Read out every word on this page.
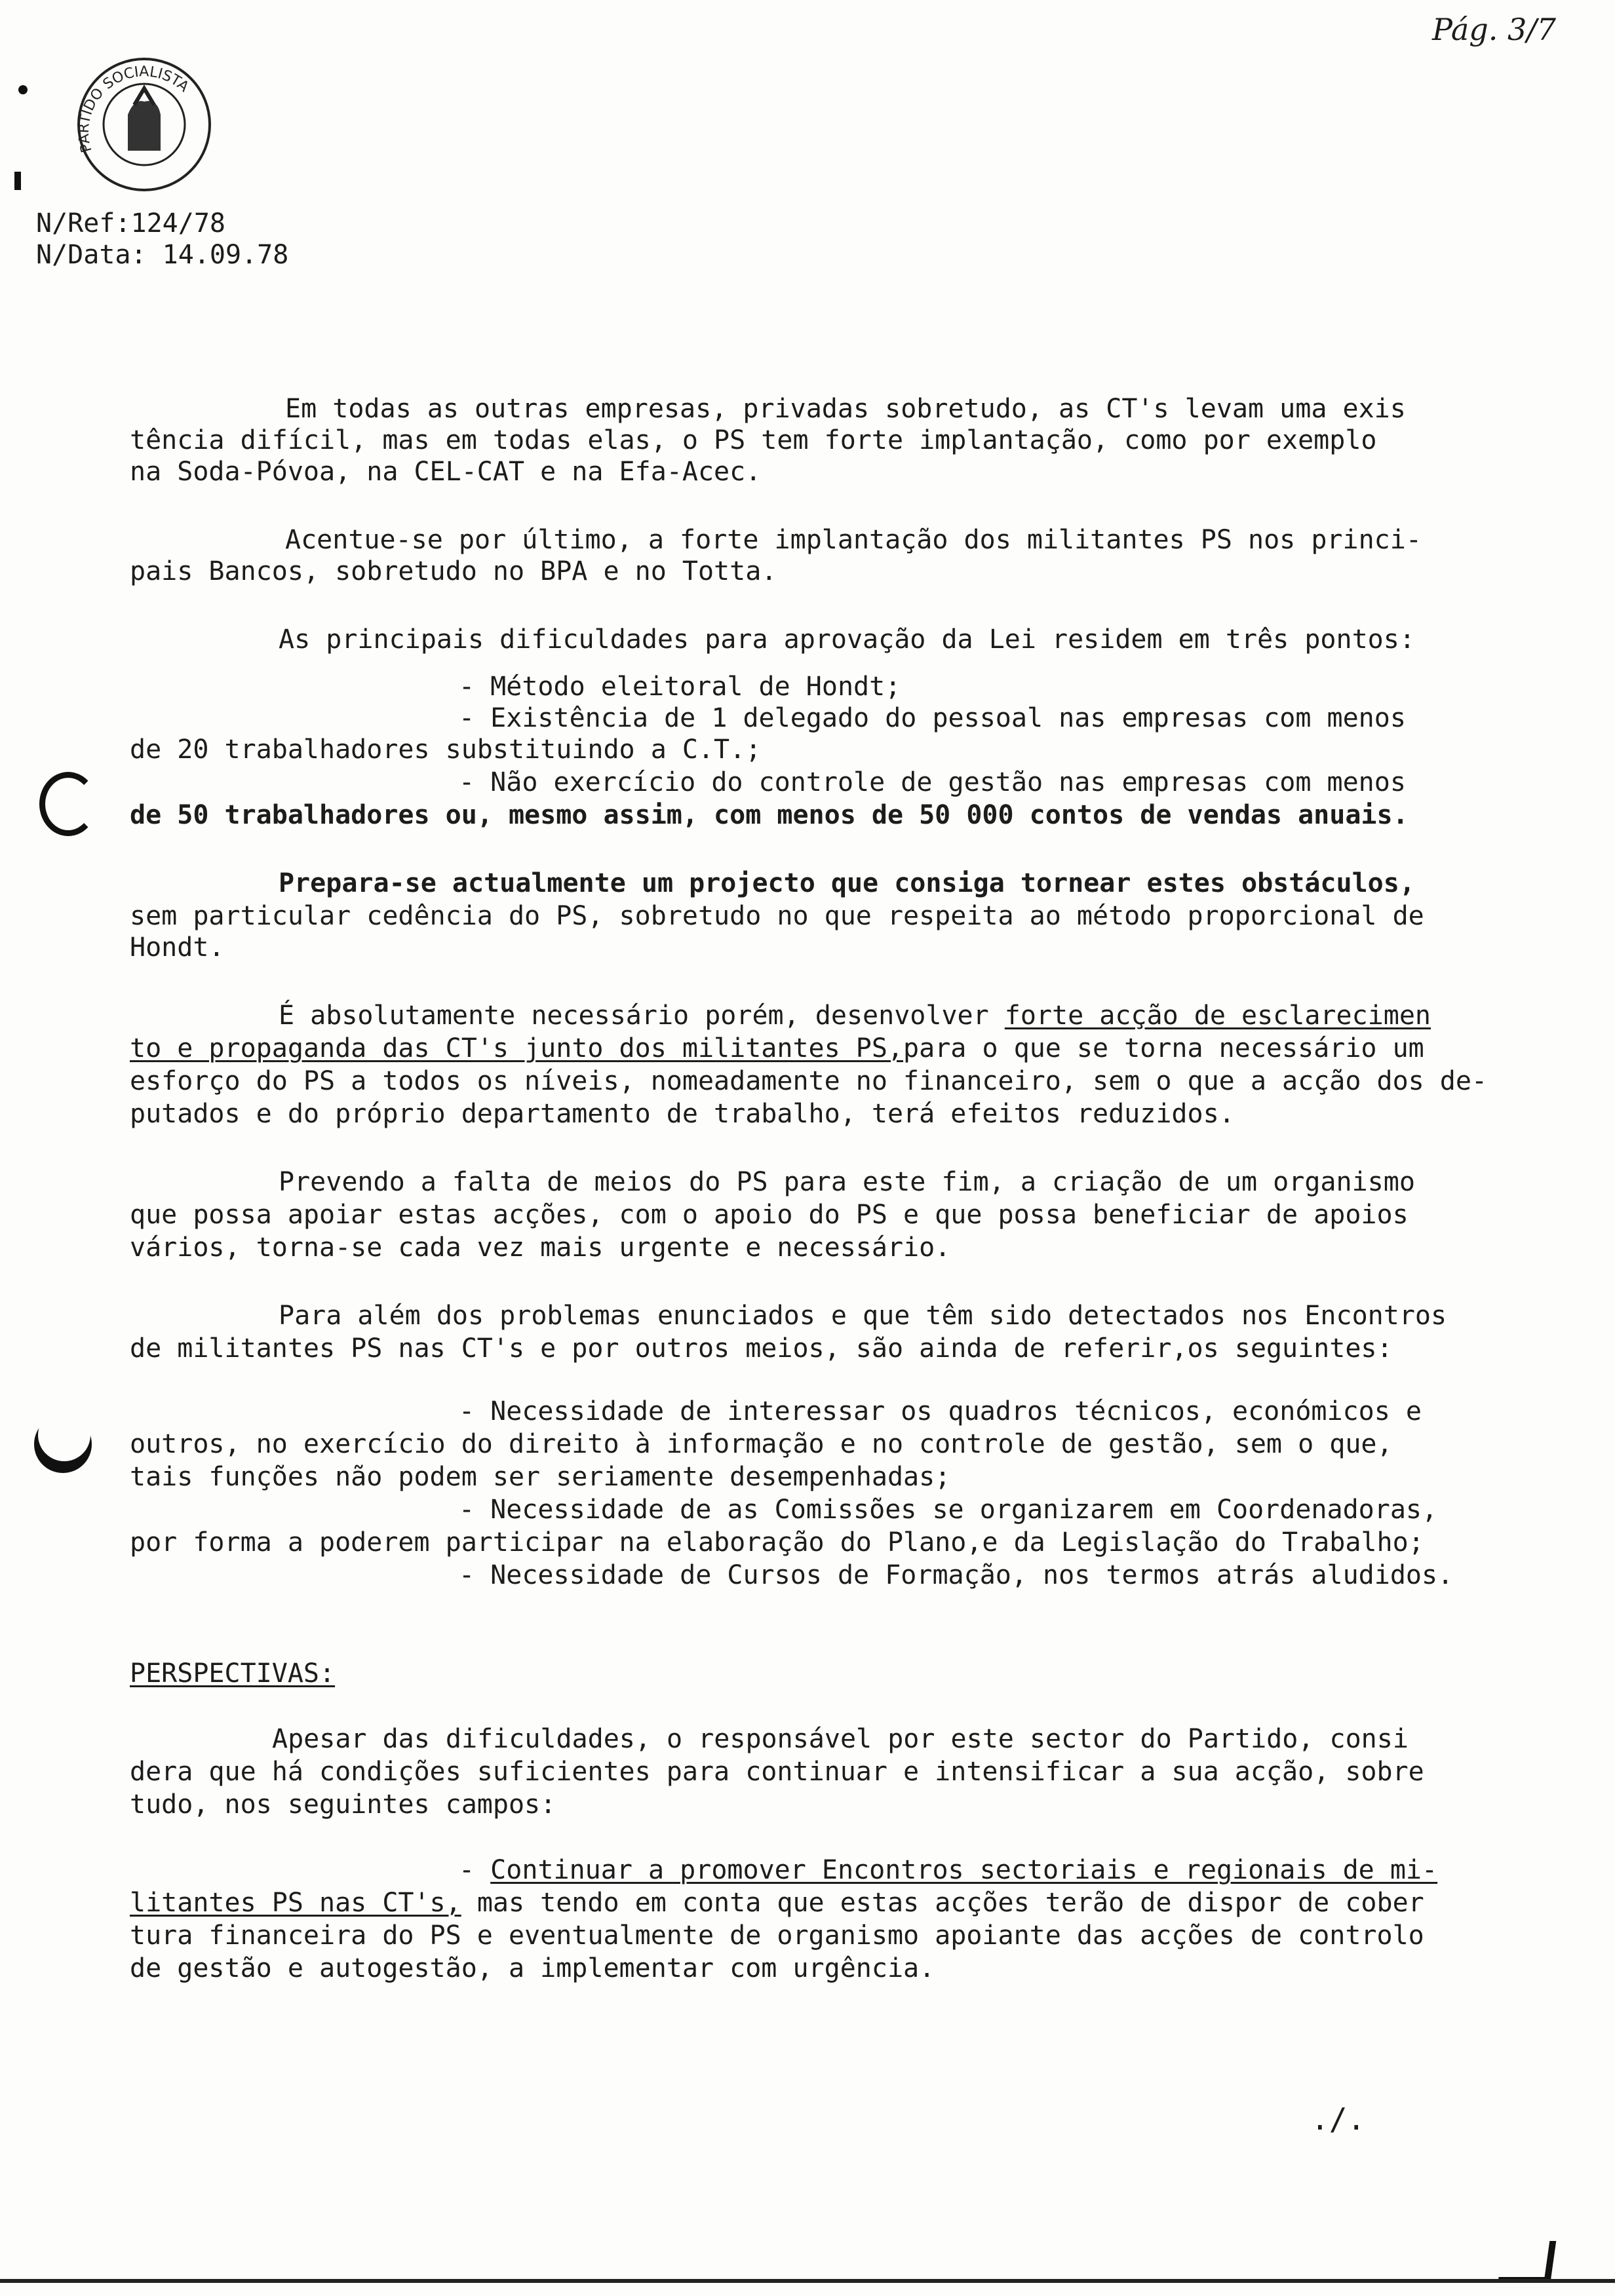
Pág. 3/7
PARTIDO SOCIALISTA
N/Ref:124/78
N/Data: 14.09.78
Em todas as outras empresas, privadas sobretudo, as CT's levam uma exis
tência difícil, mas em todas elas, o PS tem forte implantação, como por exemplo
na Soda-Póvoa, na CEL-CAT e na Efa-Acec.
Acentue-se por último, a forte implantação dos militantes PS nos princi-
pais Bancos, sobretudo no BPA e no Totta.
As principais dificuldades para aprovação da Lei residem em três pontos:
- Método eleitoral de Hondt;
- Existência de 1 delegado do pessoal nas empresas com menos
de 20 trabalhadores substituindo a C.T.;
- Não exercício do controle de gestão nas empresas com menos
de 50 trabalhadores ou, mesmo assim, com menos de 50 000 contos de vendas anuais.
Prepara-se actualmente um projecto que consiga tornear estes obstáculos,
sem particular cedência do PS, sobretudo no que respeita ao método proporcional de
Hondt.
É absolutamente necessário porém, desenvolver forte acção de esclarecimen
to e propaganda das CT's junto dos militantes PS,para o que se torna necessário um
esforço do PS a todos os níveis, nomeadamente no financeiro, sem o que a acção dos de-
putados e do próprio departamento de trabalho, terá efeitos reduzidos.
Prevendo a falta de meios do PS para este fim, a criação de um organismo
que possa apoiar estas acções, com o apoio do PS e que possa beneficiar de apoios
vários, torna-se cada vez mais urgente e necessário.
Para além dos problemas enunciados e que têm sido detectados nos Encontros
de militantes PS nas CT's e por outros meios, são ainda de referir,os seguintes:
- Necessidade de interessar os quadros técnicos, económicos e
outros, no exercício do direito à informação e no controle de gestão, sem o que,
tais funções não podem ser seriamente desempenhadas;
- Necessidade de as Comissões se organizarem em Coordenadoras,
por forma a poderem participar na elaboração do Plano,e da Legislação do Trabalho;
- Necessidade de Cursos de Formação, nos termos atrás aludidos.
PERSPECTIVAS:
Apesar das dificuldades, o responsável por este sector do Partido, consi
dera que há condições suficientes para continuar e intensificar a sua acção, sobre
tudo, nos seguintes campos:
- Continuar a promover Encontros sectoriais e regionais de mi-
litantes PS nas CT's, mas tendo em conta que estas acções terão de dispor de cober
tura financeira do PS e eventualmente de organismo apoiante das acções de controlo
de gestão e autogestão, a implementar com urgência.
./.
